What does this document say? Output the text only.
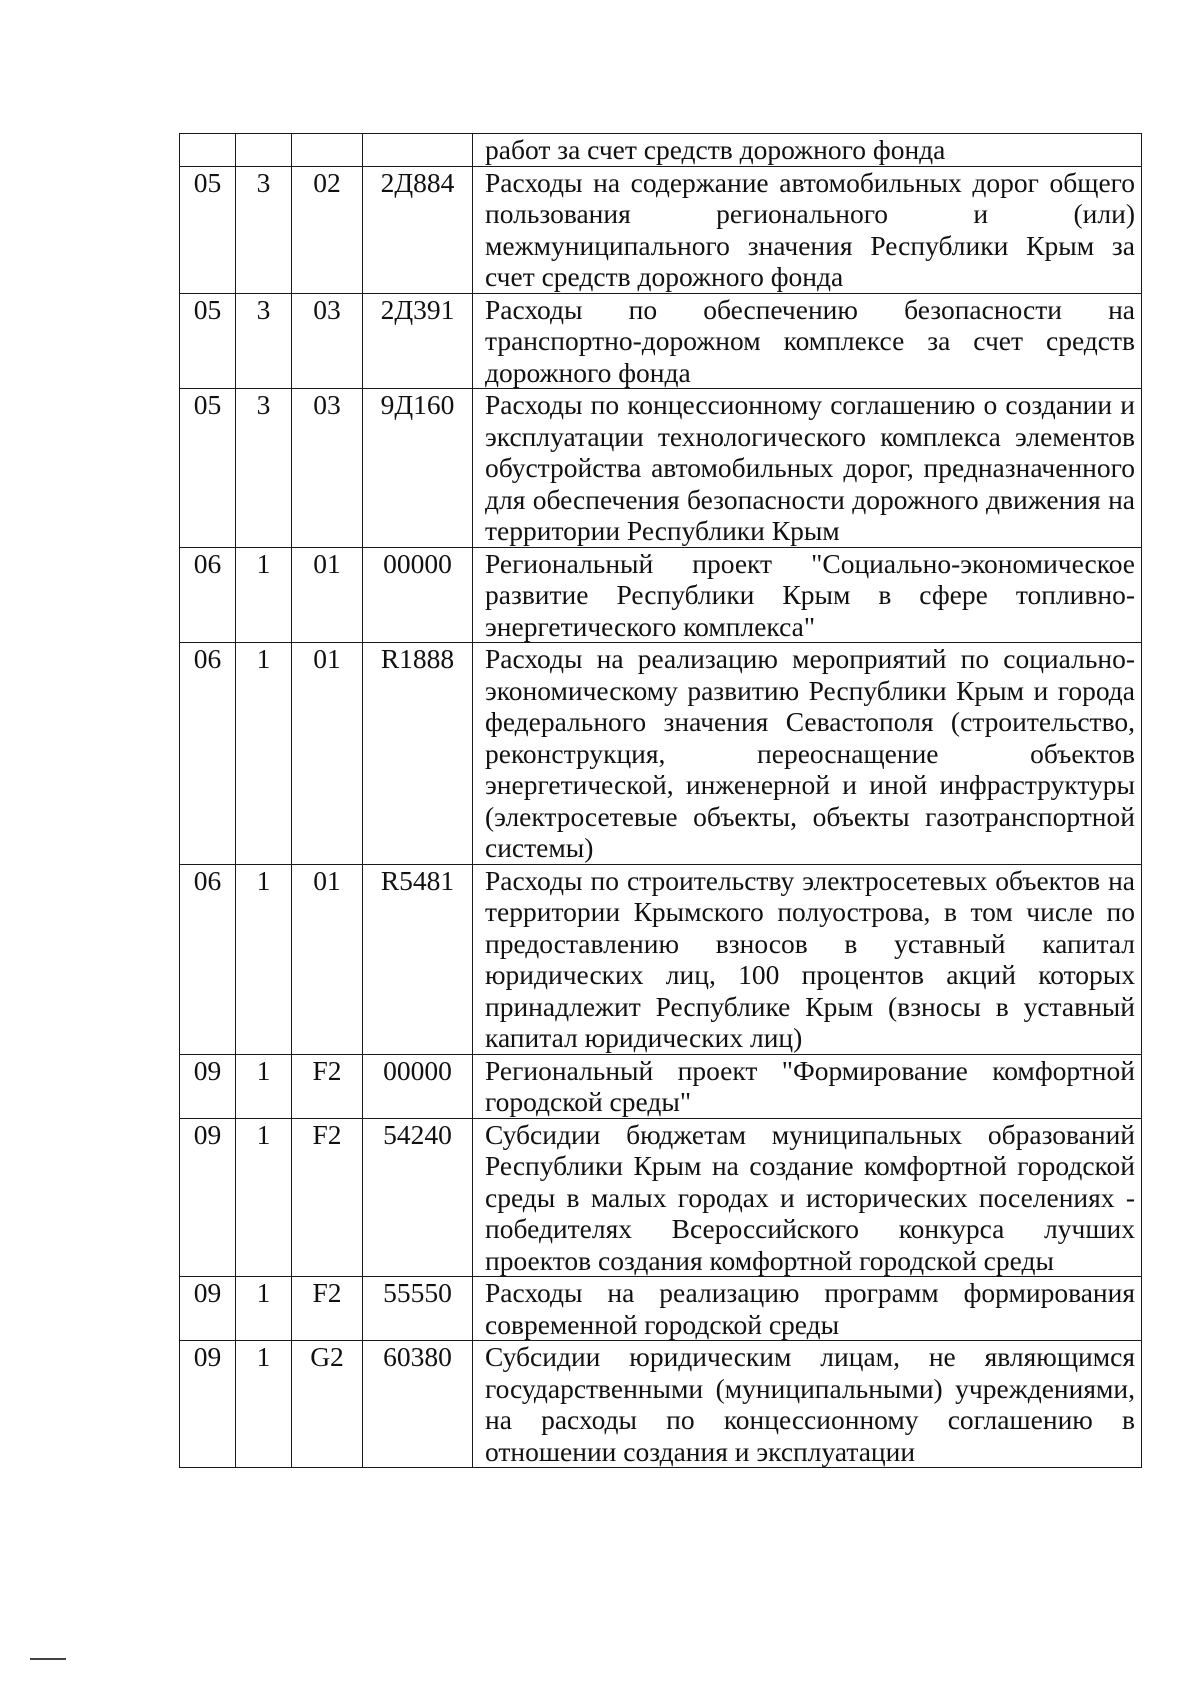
				работ за счет средств дорожного фонда
05	3	02	2Д884	Расходы на содержание автомобильных дорог общего пользования регионального и (или) межмуниципального значения Республики Крым за счет средств дорожного фонда
05	3	03	2Д391	Расходы по обеспечению безопасности на транспортно-дорожном комплексе за счет средств дорожного фонда
05	3	03	9Д160	Расходы по концессионному соглашению о создании и эксплуатации технологического комплекса элементов обустройства автомобильных дорог, предназначенного для обеспечения безопасности дорожного движения на территории Республики Крым
06	1	01	00000	Региональный проект "Социально-экономическое развитие Республики Крым в сфере топливно-энергетического комплекса"
06	1	01	R1888	Расходы на реализацию мероприятий по социально-экономическому развитию Республики Крым и города федерального значения Севастополя (строительство, реконструкция, переоснащение объектов энергетической, инженерной и иной инфраструктуры (электросетевые объекты, объекты газотранспортной системы)
06	1	01	R5481	Расходы по строительству электросетевых объектов на территории Крымского полуострова, в том числе по предоставлению взносов в уставный капитал юридических лиц, 100 процентов акций которых принадлежит Республике Крым (взносы в уставный капитал юридических лиц)
09	1	F2	00000	Региональный проект "Формирование комфортной городской среды"
09	1	F2	54240	Субсидии бюджетам муниципальных образований Республики Крым на создание комфортной городской среды в малых городах и исторических поселениях - победителях Всероссийского конкурса лучших проектов создания комфортной городской среды
09	1	F2	55550	Расходы на реализацию программ формирования современной городской среды
09	1	G2	60380	Субсидии юридическим лицам, не являющимся государственными (муниципальными) учреждениями, на расходы по концессионному соглашению в отношении создания и эксплуатации
